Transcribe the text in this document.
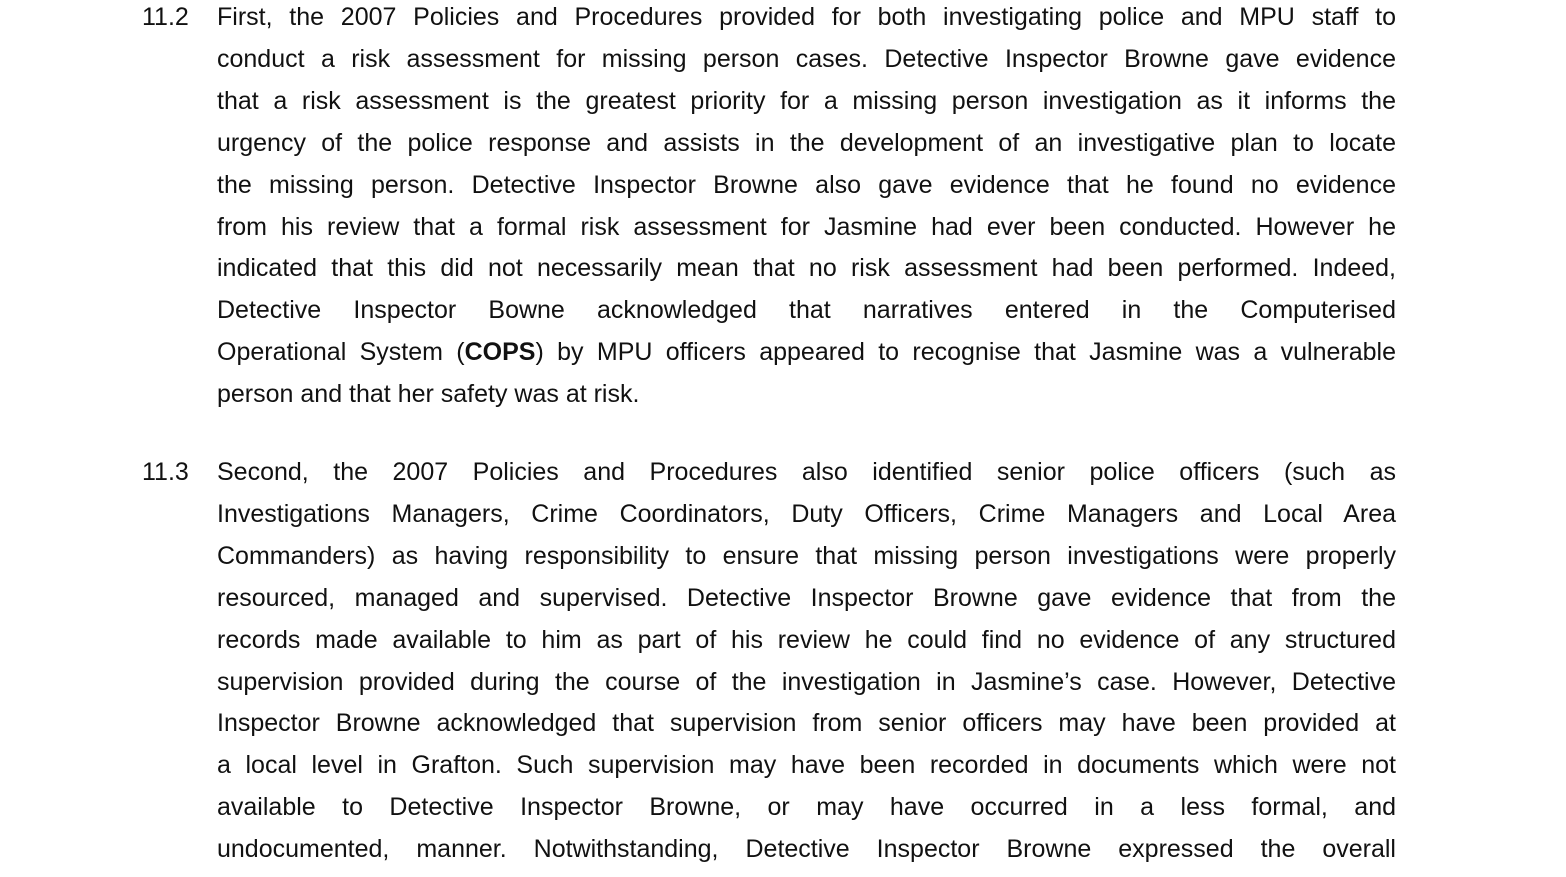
11.2	First, the 2007 Policies and Procedures provided for both investigating police and MPU staff to
conduct a risk assessment for missing person cases. Detective Inspector Browne gave evidence
that a risk assessment is the greatest priority for a missing person investigation as it informs the
urgency of the police response and assists in the development of an investigative plan to locate
the missing person. Detective Inspector Browne also gave evidence that he found no evidence
from his review that a formal risk assessment for Jasmine had ever been conducted. However he
indicated that this did not necessarily mean that no risk assessment had been performed. Indeed,
Detective Inspector Bowne acknowledged that narratives entered in the Computerised
Operational System (COPS) by MPU officers appeared to recognise that Jasmine was a vulnerable
person and that her safety was at risk.
11.3	Second, the 2007 Policies and Procedures also identified senior police officers (such as
Investigations Managers, Crime Coordinators, Duty Officers, Crime Managers and Local Area
Commanders) as having responsibility to ensure that missing person investigations were properly
resourced, managed and supervised. Detective Inspector Browne gave evidence that from the
records made available to him as part of his review he could find no evidence of any structured
supervision provided during the course of the investigation in Jasmine’s case. However, Detective
Inspector Browne acknowledged that supervision from senior officers may have been provided at
a local level in Grafton. Such supervision may have been recorded in documents which were not
available to Detective Inspector Browne, or may have occurred in a less formal, and
undocumented, manner. Notwithstanding, Detective Inspector Browne expressed the overall
